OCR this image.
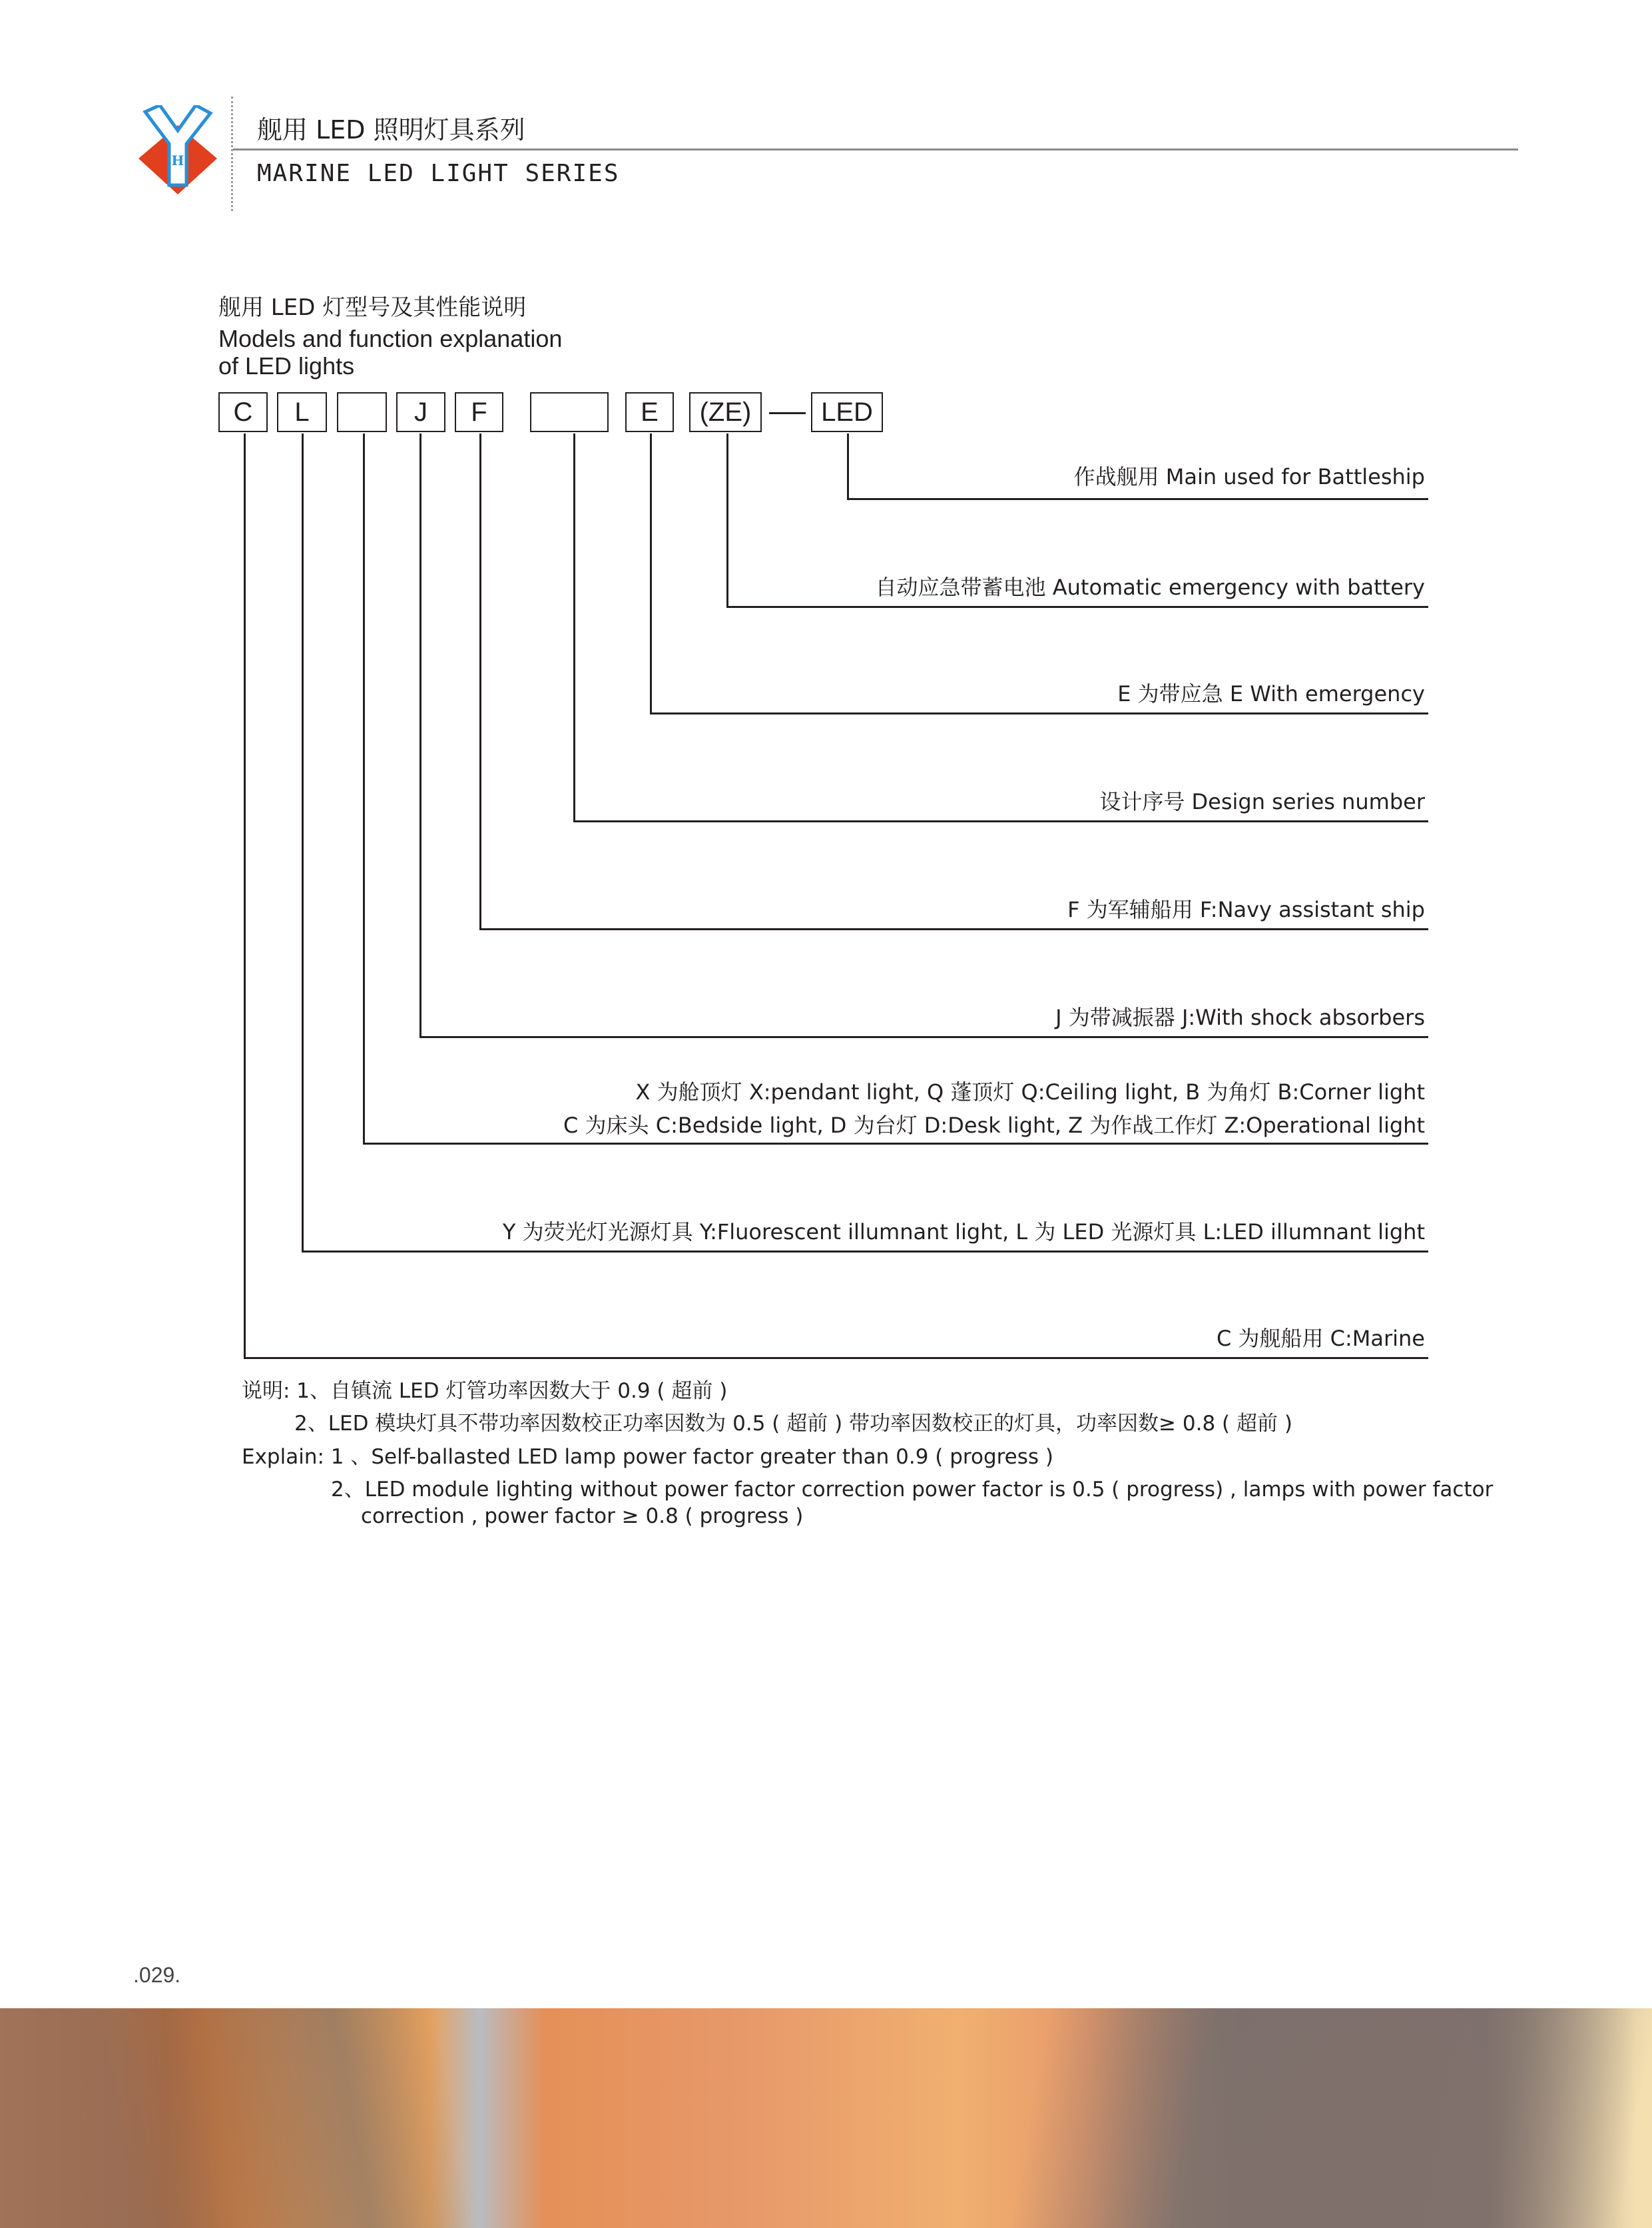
H
舰用 LED 照明灯具系列
MARINE LED LIGHT SERIES
舰用 LED 灯型号及其性能说明
Models and function explanation
of LED lights
C	L	J	F	E	(ZE)	LED
作战舰用 Main used for Battleship
自动应急带蓄电池 Automatic emergency with battery
E 为带应急 E With emergency
设计序号 Design series number
F 为军辅船用 F:Navy assistant ship
J 为带减振器 J:With shock absorbers
X 为舱顶灯 X:pendant light, Q 蓬顶灯 Q:Ceiling light, B 为角灯 B:Corner light
C 为床头 C:Bedside light, D 为台灯 D:Desk light, Z 为作战工作灯 Z:Operational light
Y 为荧光灯光源灯具 Y:Fluorescent illumnant light, L 为 LED 光源灯具 L:LED illumnant light
C 为舰船用 C:Marine
说明: 1、自镇流 LED 灯管功率因数大于 0.9 ( 超前 )
2、LED 模块灯具不带功率因数校正功率因数为 0.5 ( 超前 ) 带功率因数校正的灯具，功率因数≥ 0.8 ( 超前 )
Explain: 1 、Self-ballasted LED lamp power factor greater than 0.9 ( progress )
2、LED module lighting without power factor correction power factor is 0.5 ( progress) , lamps with power factor
correction , power factor ≥ 0.8 ( progress )
.029.
